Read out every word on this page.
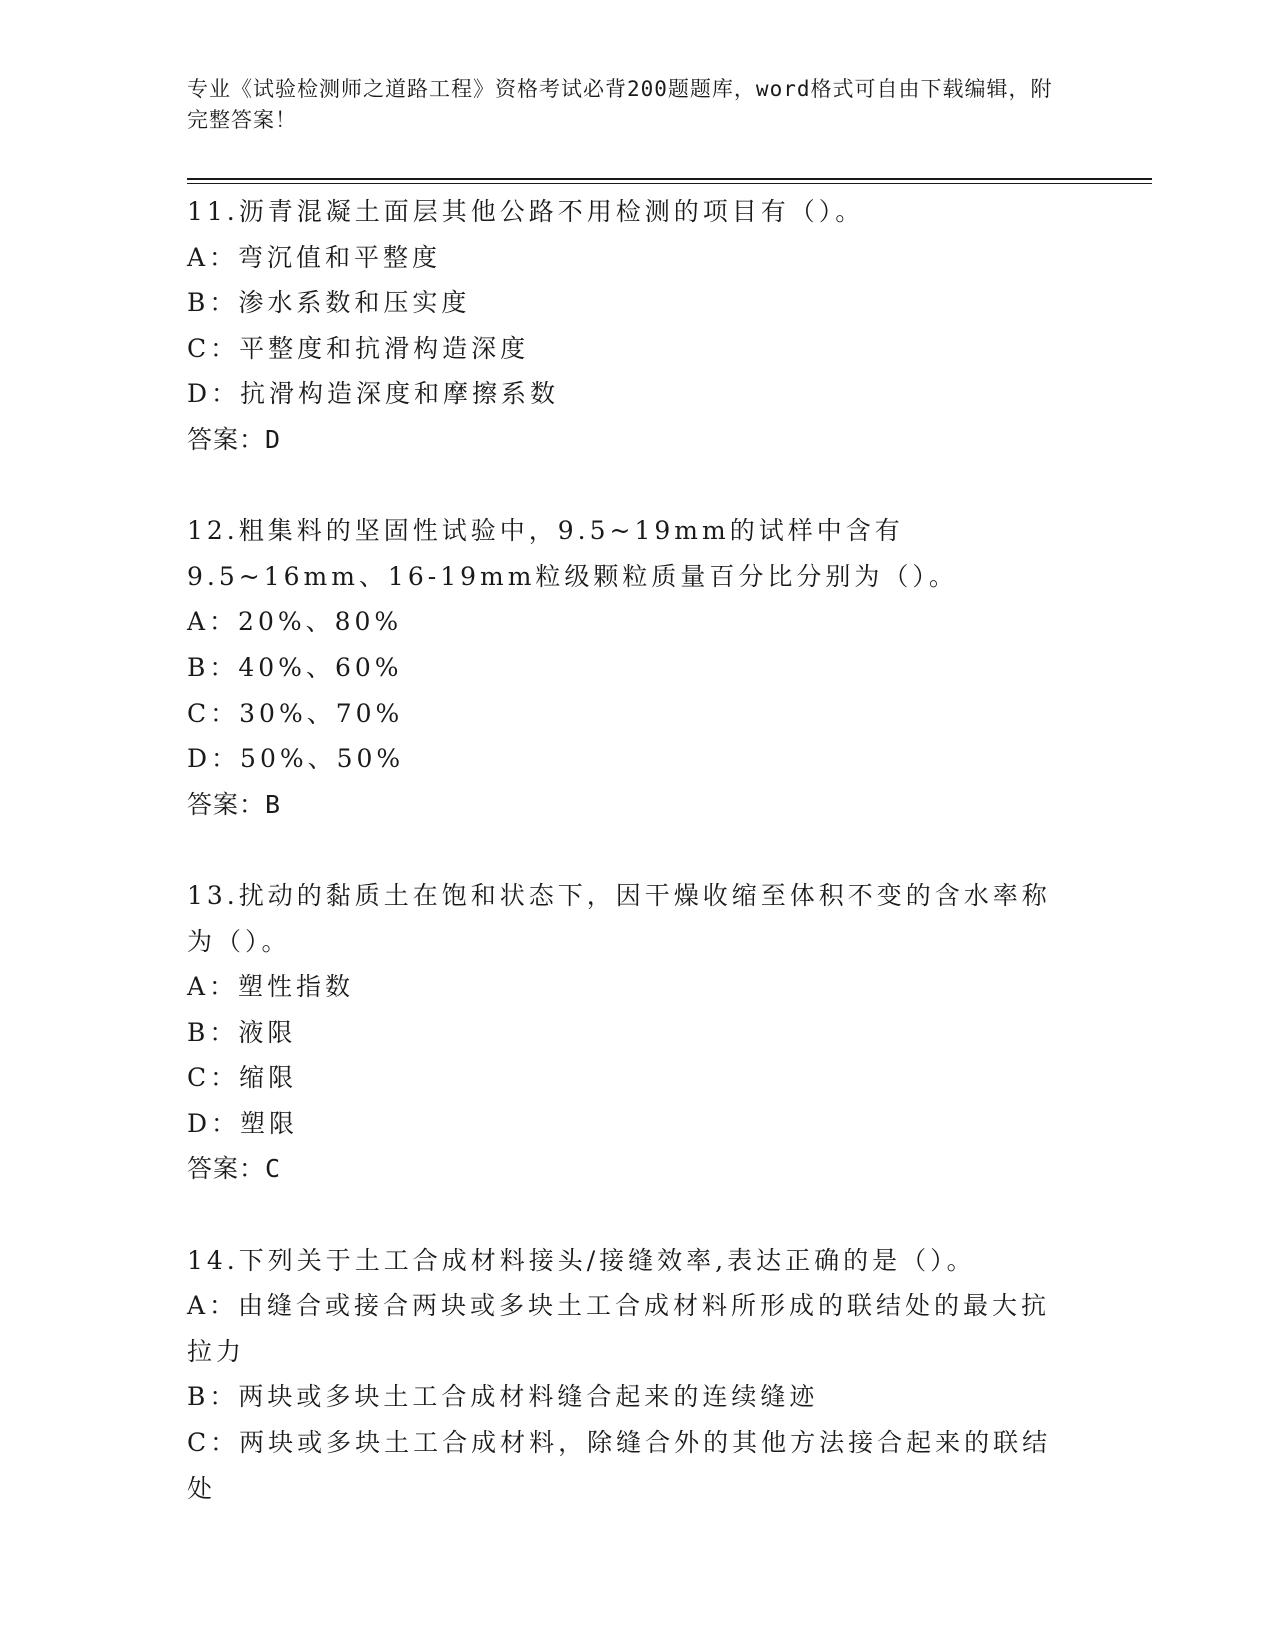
专业《试验检测师之道路工程》资格考试必背200题题库，word格式可自由下载编辑，附完整答案！
11.沥青混凝土面层其他公路不用检测的项目有（）。
A：弯沉值和平整度
B：渗水系数和压实度
C：平整度和抗滑构造深度
D：抗滑构造深度和摩擦系数
答案：D
12.粗集料的坚固性试验中，9.5~19mm的试样中含有9.5~16mm、16-19mm粒级颗粒质量百分比分别为（）。
A：20%、80%
B：40%、60%
C：30%、70%
D：50%、50%
答案：B
13.扰动的黏质土在饱和状态下，因干燥收缩至体积不变的含水率称为（）。
A：塑性指数
B：液限
C：缩限
D：塑限
答案：C
14.下列关于土工合成材料接头/接缝效率,表达正确的是（）。
A：由缝合或接合两块或多块土工合成材料所形成的联结处的最大抗拉力
B：两块或多块土工合成材料缝合起来的连续缝迹
C：两块或多块土工合成材料，除缝合外的其他方法接合起来的联结处
